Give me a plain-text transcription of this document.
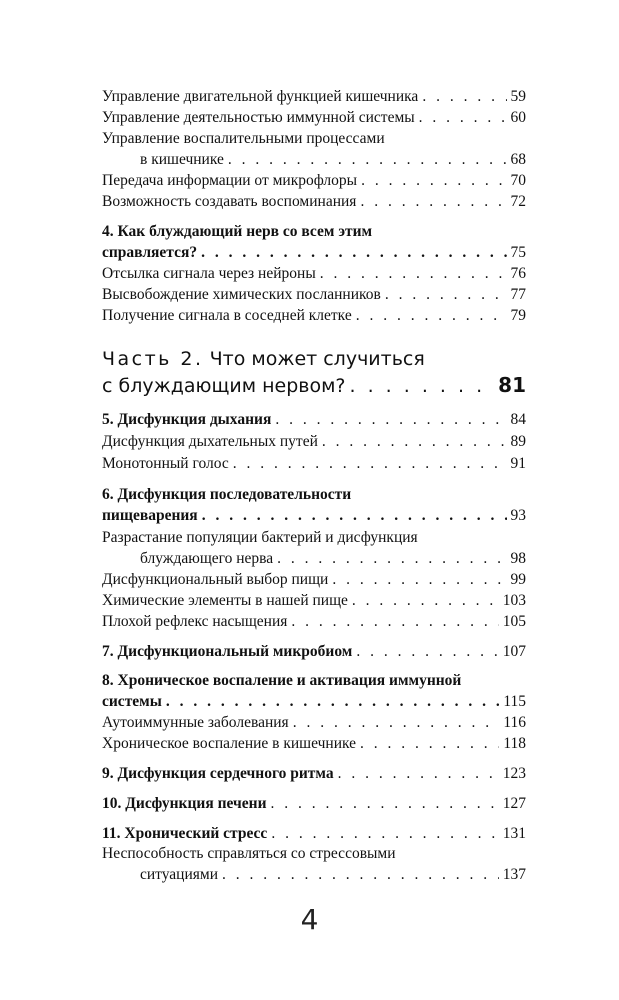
Управление двигательной функцией кишечника . . .	59
Управление деятельностью иммунной системы . . .	60
Управление воспалительными процессами
в кишечнике . . .	68
Передача информации от микрофлоры . . .	70
Возможность создавать воспоминания . . .	72
4. Как блуждающий нерв со всем этим
справляется? . . .	75
Отсылка сигнала через нейроны . . .	76
Высвобождение химических посланников . . .	77
Получение сигнала в соседней клетке . . .	79
Часть 2. Что может случиться
с блуждающим нервом? . . .	81
5. Дисфункция дыхания . . .	84
Дисфункция дыхательных путей . . .	89
Монотонный голос . . .	91
6. Дисфункция последовательности
пищеварения . . .	93
Разрастание популяции бактерий и дисфункция
блуждающего нерва . . .	98
Дисфункциональный выбор пищи . . .	99
Химические элементы в нашей пище . . .	103
Плохой рефлекс насыщения . . .	105
7. Дисфункциональный микробиом . . .	107
8. Хроническое воспаление и активация иммунной
системы . . .	115
Аутоиммунные заболевания . . .	116
Хроническое воспаление в кишечнике . . .	118
9. Дисфункция сердечного ритма . . .	123
10. Дисфункция печени . . .	127
11. Хронический стресс . . .	131
Неспособность справляться со стрессовыми
ситуациями . . .	137
4
